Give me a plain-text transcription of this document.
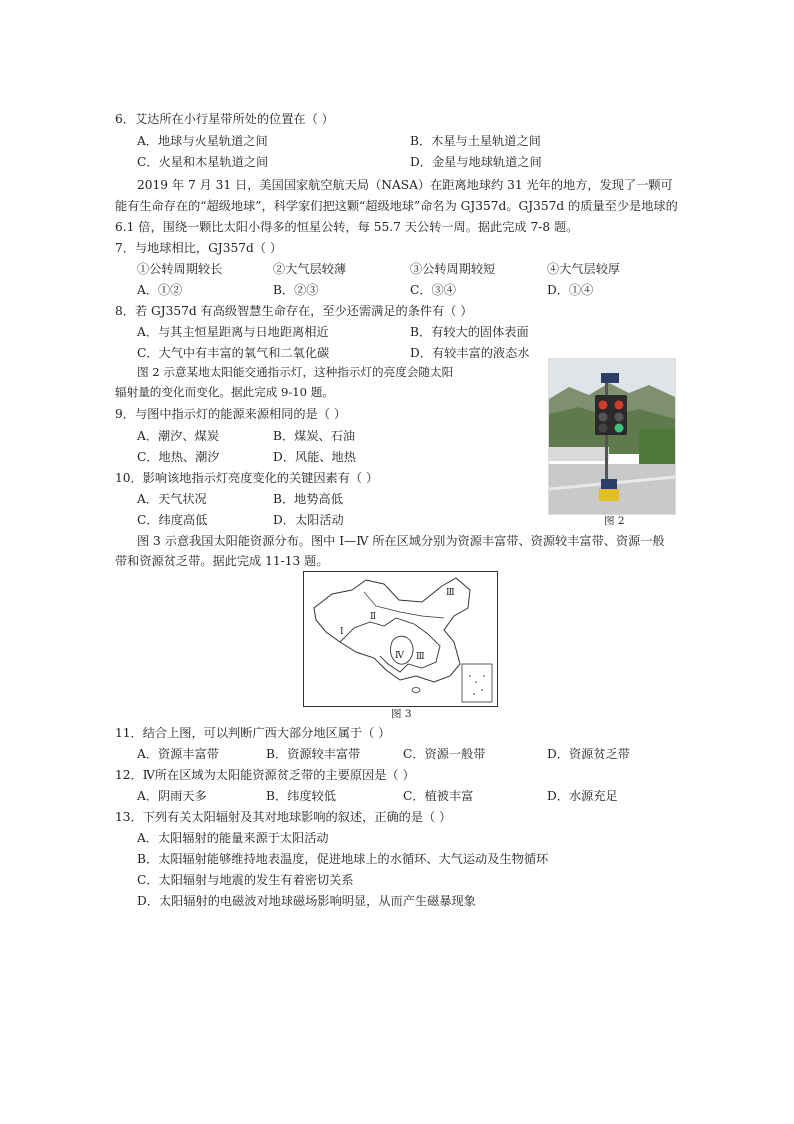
6．艾达所在小行星带所处的位置在（ ）
A．地球与火星轨道之间	B．木星与土星轨道之间
C．火星和木星轨道之间	D．金星与地球轨道之间
2019 年 7 月 31 日，美国国家航空航天局（NASA）在距离地球约 31 光年的地方，发现了一颗可
能有生命存在的“超级地球”，科学家们把这颗“超级地球”命名为 GJ357d。GJ357d 的质量至少是地球的
6.1 倍，围绕一颗比太阳小得多的恒星公转，每 55.7 天公转一周。据此完成 7-8 题。
7．与地球相比，GJ357d（ ）
①公转周期较长	②大气层较薄	③公转周期较短	④大气层较厚
A．①②	B．②③	C．③④	D．①④
8．若 GJ357d 有高级智慧生命存在，至少还需满足的条件有（ ）
A．与其主恒星距离与日地距离相近	B．有较大的固体表面
C．大气中有丰富的氧气和二氧化碳	D．有较丰富的液态水
图 2 示意某地太阳能交通指示灯，这种指示灯的亮度会随太阳
辐射量的变化而变化。据此完成 9-10 题。
9．与图中指示灯的能源来源相同的是（ ）
A．潮汐、煤炭	B．煤炭、石油
C．地热、潮汐	D．风能、地热
10．影响该地指示灯亮度变化的关键因素有（ ）
A．天气状况	B．地势高低
C．纬度高低	D．太阳活动	图 2
图 3 示意我国太阳能资源分布。图中 Ⅰ—Ⅳ 所在区域分别为资源丰富带、资源较丰富带、资源一般
带和资源贫乏带。据此完成 11-13 题。
Ⅰ
Ⅱ
Ⅲ
Ⅲ
Ⅳ
图 3
11．结合上图，可以判断广西大部分地区属于（ ）
A．资源丰富带	B．资源较丰富带	C．资源一般带	D．资源贫乏带
12．Ⅳ所在区域为太阳能资源贫乏带的主要原因是（ ）
A．阴雨天多	B．纬度较低	C．植被丰富	D．水源充足
13．下列有关太阳辐射及其对地球影响的叙述，正确的是（ ）
A．太阳辐射的能量来源于太阳活动
B．太阳辐射能够维持地表温度，促进地球上的水循环、大气运动及生物循环
C．太阳辐射与地震的发生有着密切关系
D．太阳辐射的电磁波对地球磁场影响明显，从而产生磁暴现象
